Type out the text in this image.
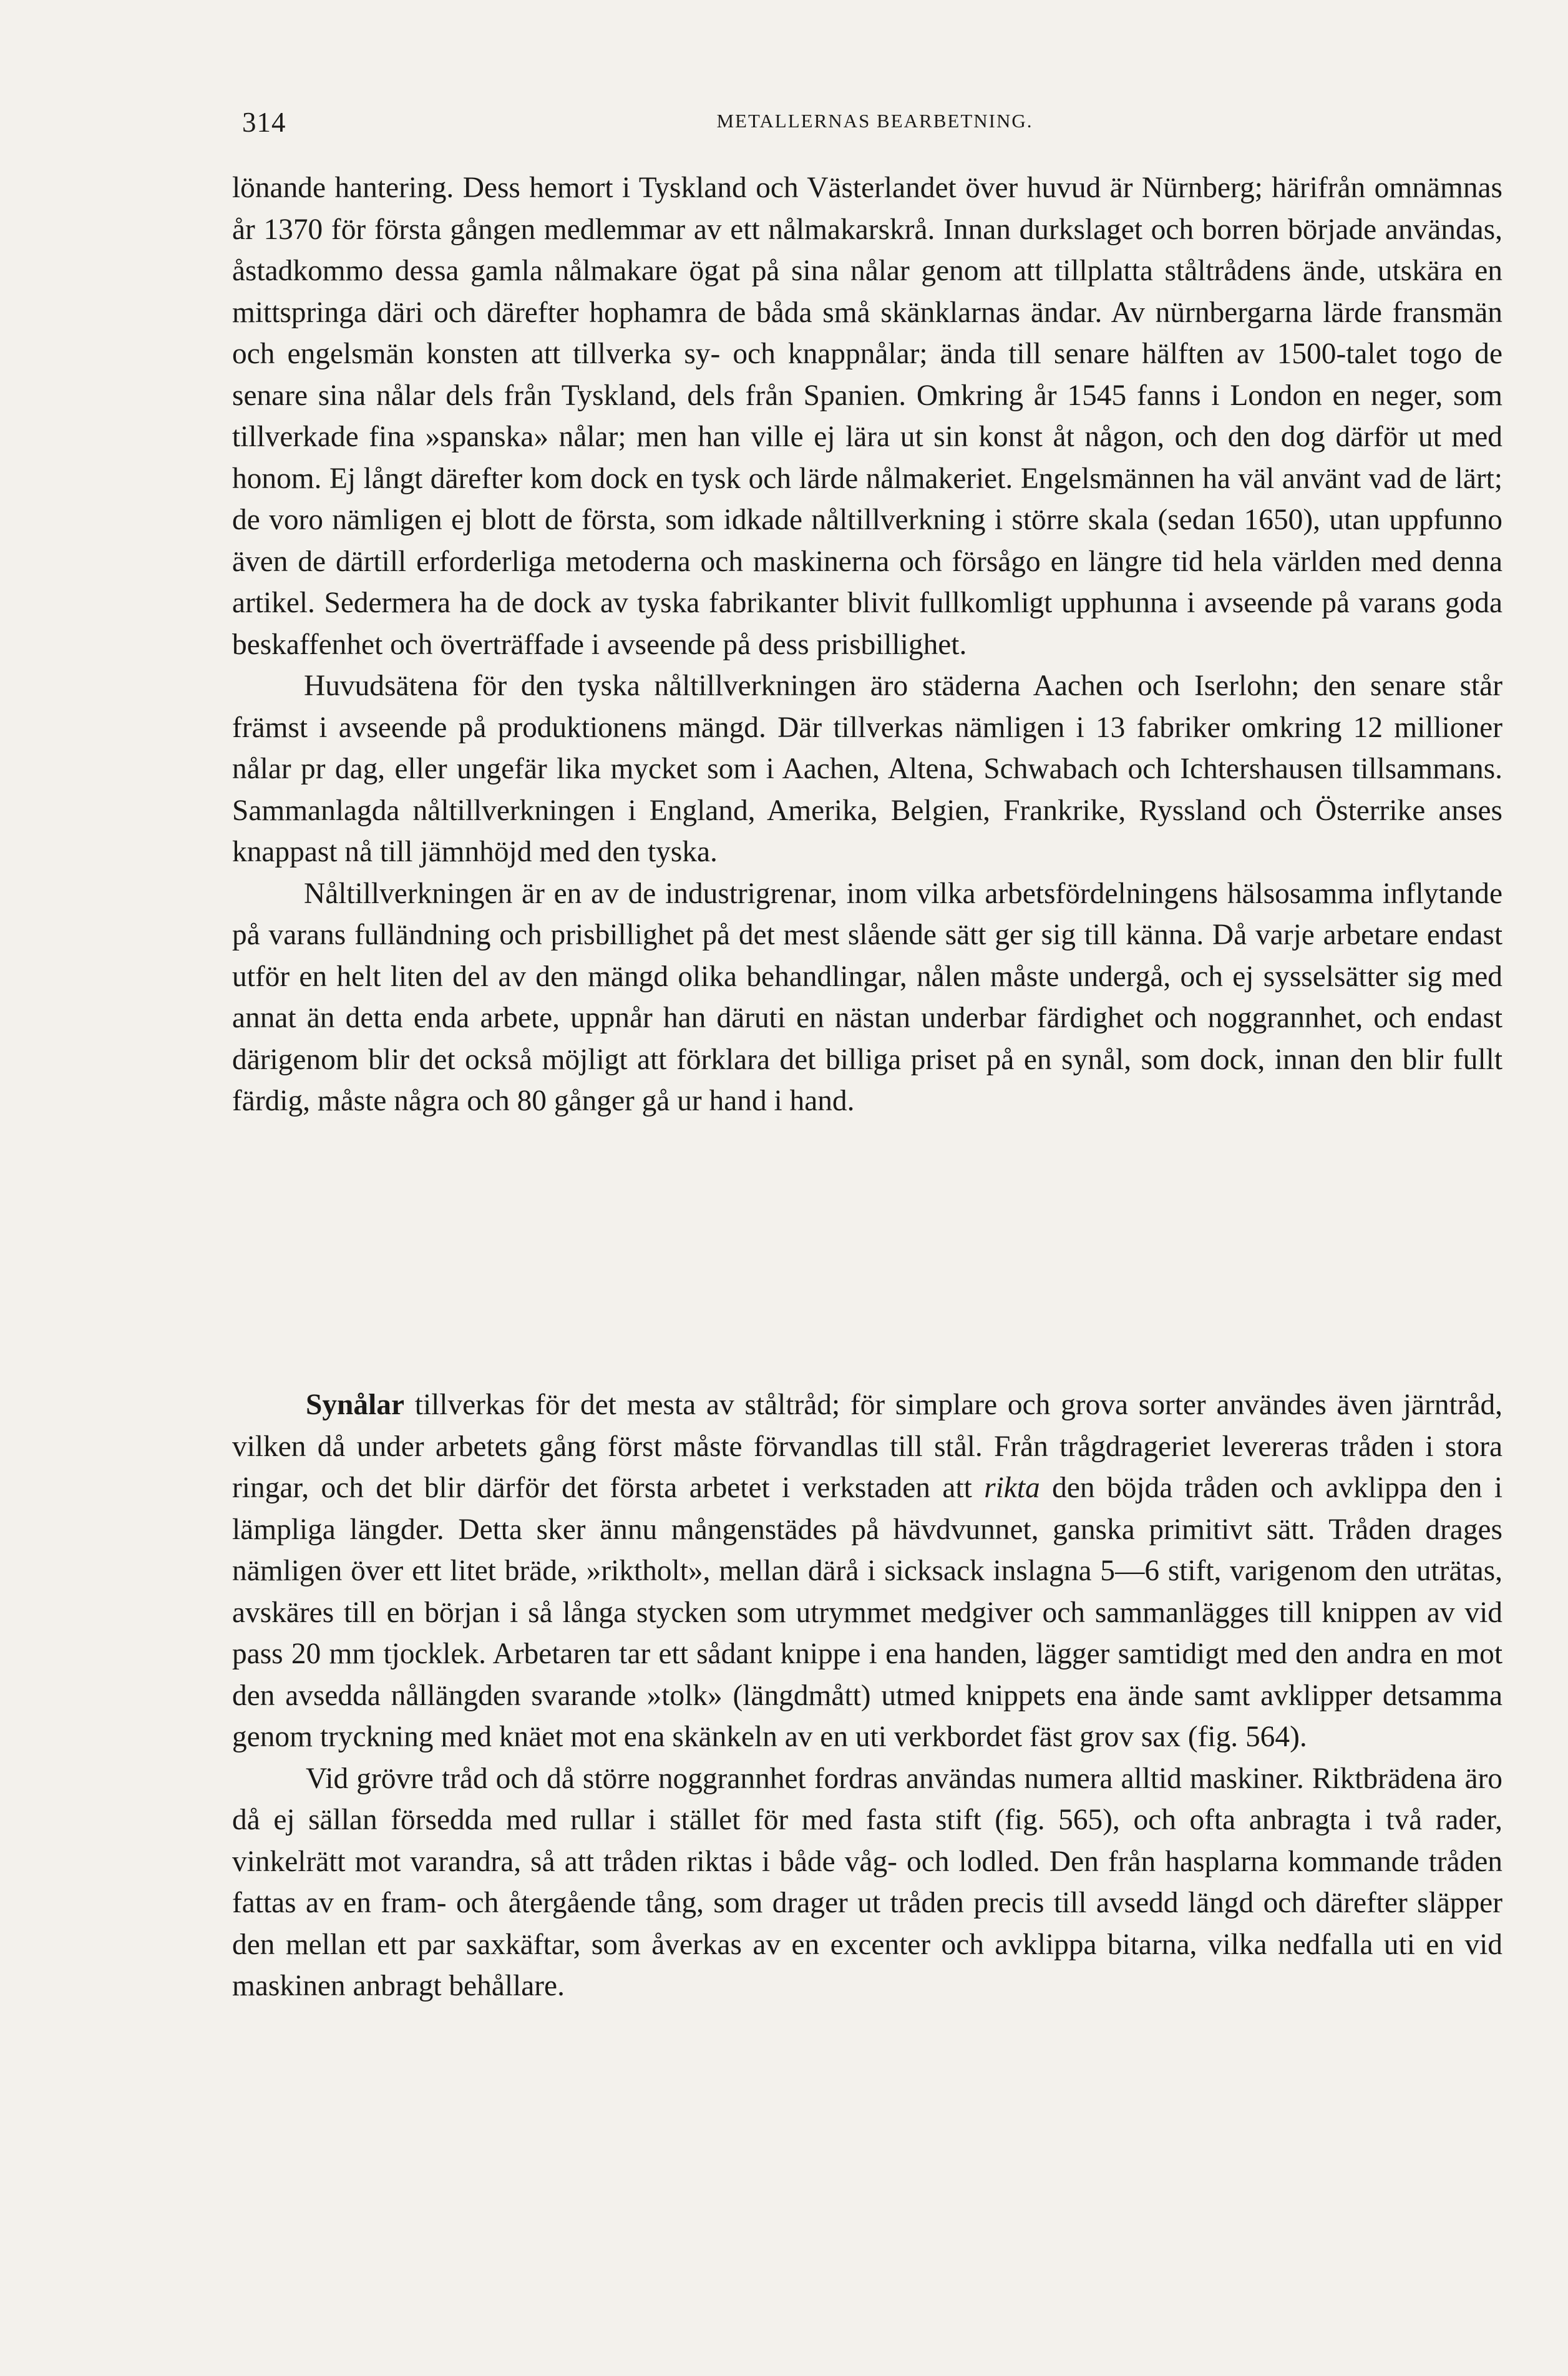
314	METALLERNAS BEARBETNING.

lönande hantering. Dess hemort i Tyskland och Västerlandet över huvud är Nürnberg; härifrån omnämnas år 1370 för första gången medlemmar av ett nålmakarskrå. Innan durkslaget och borren började användas, åstadkommo dessa gamla nålmakare ögat på sina nålar genom att tillplatta ståltrådens ände, utskära en mittspringa däri och därefter hophamra de båda små skänklarnas ändar. Av nürnbergarna lärde fransmän och engelsmän konsten att tillverka sy- och knappnålar; ända till senare hälften av 1500-talet togo de senare sina nålar dels från Tyskland, dels från Spanien. Omkring år 1545 fanns i London en neger, som tillverkade fina »spanska» nålar; men han ville ej lära ut sin konst åt någon, och den dog därför ut med honom. Ej långt därefter kom dock en tysk och lärde nålmakeriet. Engelsmännen ha väl använt vad de lärt; de voro nämligen ej blott de första, som idkade nåltillverkning i större skala (sedan 1650), utan uppfunno även de därtill erforderliga metoderna och maskinerna och försågo en längre tid hela världen med denna artikel. Sedermera ha de dock av tyska fabrikanter blivit fullkomligt upphunna i avseende på varans goda beskaffenhet och överträffade i avseende på dess prisbillighet.

Huvudsätena för den tyska nåltillverkningen äro städerna Aachen och Iserlohn; den senare står främst i avseende på produktionens mängd. Där tillverkas nämligen i 13 fabriker omkring 12 millioner nålar pr dag, eller ungefär lika mycket som i Aachen, Altena, Schwabach och Ichtershausen tillsammans. Sammanlagda nåltillverkningen i England, Amerika, Belgien, Frankrike, Ryssland och Österrike anses knappast nå till jämnhöjd med den tyska.

Nåltillverkningen är en av de industrigrenar, inom vilka arbetsfördelningens hälsosamma inflytande på varans fulländning och prisbillighet på det mest slående sätt ger sig till känna. Då varje arbetare endast utför en helt liten del av den mängd olika behandlingar, nålen måste undergå, och ej sysselsätter sig med annat än detta enda arbete, uppnår han däruti en nästan underbar färdighet och noggrannhet, och endast därigenom blir det också möjligt att förklara det billiga priset på en synål, som dock, innan den blir fullt färdig, måste några och 80 gånger gå ur hand i hand.

Synålar tillverkas för det mesta av ståltråd; för simplare och grova sorter användes även järntråd, vilken då under arbetets gång först måste förvandlas till stål. Från trågdrageriet levereras tråden i stora ringar, och det blir därför det första arbetet i verkstaden att rikta den böjda tråden och avklippa den i lämpliga längder. Detta sker ännu mångenstädes på hävdvunnet, ganska primitivt sätt. Tråden drages nämligen över ett litet bräde, »riktholt», mellan därå i sicksack inslagna 5—6 stift, varigenom den uträtas, avskäres till en början i så långa stycken som utrymmet medgiver och sammanlägges till knippen av vid pass 20 mm tjocklek. Arbetaren tar ett sådant knippe i ena handen, lägger samtidigt med den andra en mot den avsedda nållängden svarande »tolk» (längdmått) utmed knippets ena ände samt avklipper detsamma genom tryckning med knäet mot ena skänkeln av en uti verkbordet fäst grov sax (fig. 564).

Vid grövre tråd och då större noggrannhet fordras användas numera alltid maskiner. Riktbrädena äro då ej sällan försedda med rullar i stället för med fasta stift (fig. 565), och ofta anbragta i två rader, vinkelrätt mot varandra, så att tråden riktas i både våg- och lodled. Den från hasplarna kommande tråden fattas av en fram- och återgående tång, som drager ut tråden precis till avsedd längd och därefter släpper den mellan ett par saxkäftar, som åverkas av en excenter och avklippa bitarna, vilka nedfalla uti en vid maskinen anbragt behållare.
